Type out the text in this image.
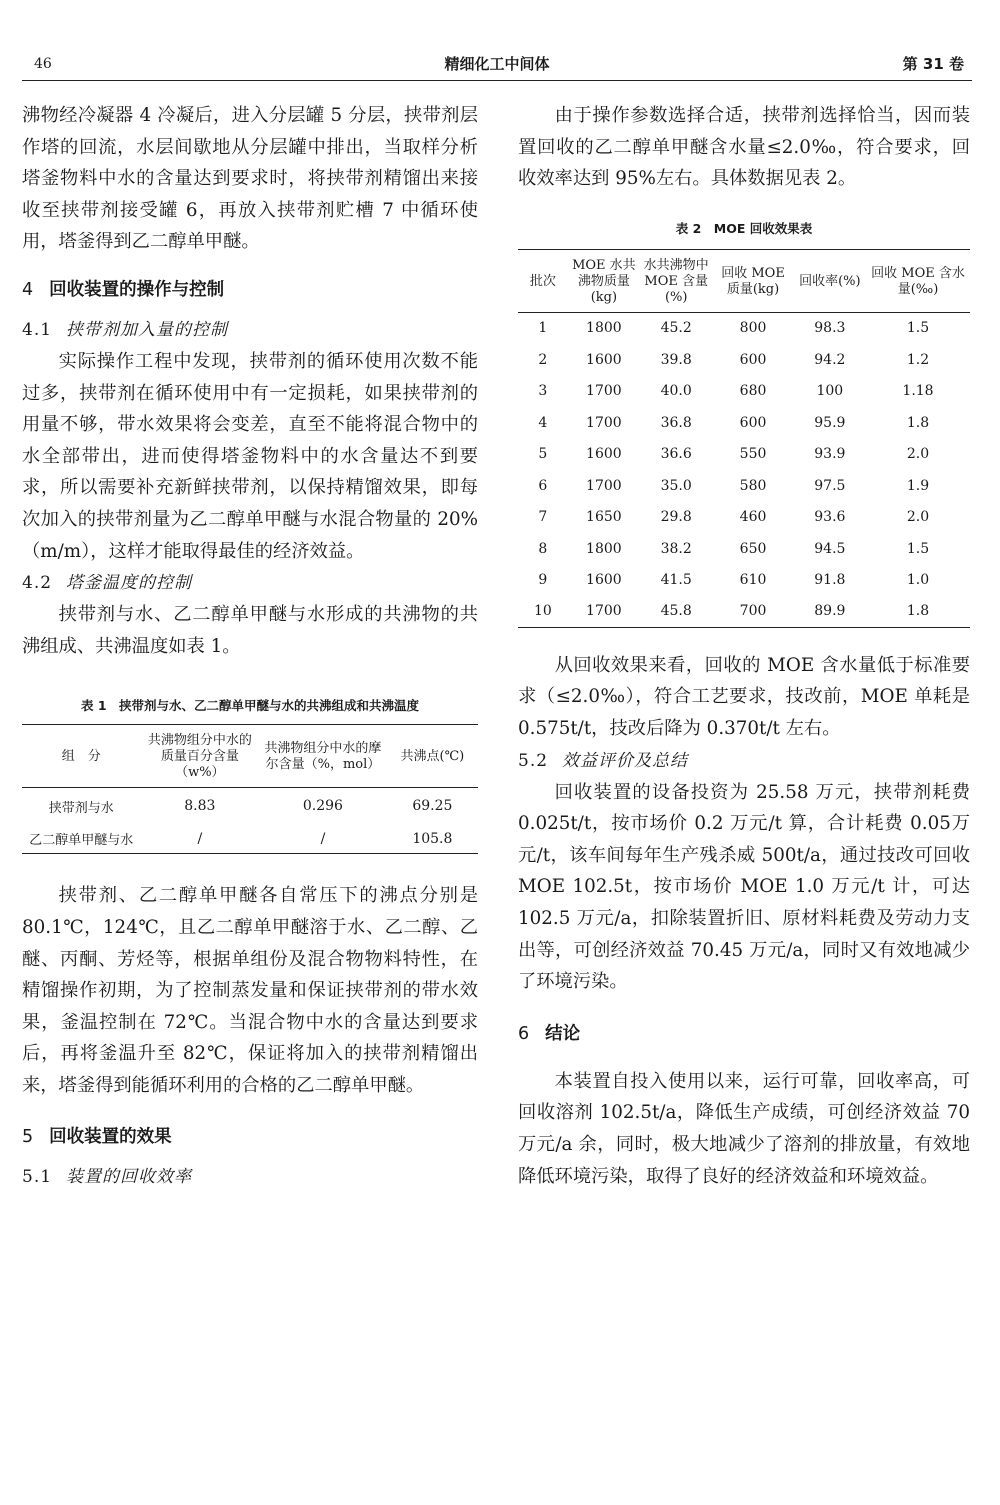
46	精细化工中间体	第 31 卷

沸物经冷凝器 4 冷凝后，进入分层罐 5 分层，挟带剂层作塔的回流，水层间歇地从分层罐中排出，当取样分析塔釜物料中水的含量达到要求时，将挟带剂精馏出来接收至挟带剂接受罐 6，再放入挟带剂贮槽 7 中循环使用，塔釜得到乙二醇单甲醚。

4 回收装置的操作与控制
4.1 挟带剂加入量的控制

实际操作工程中发现，挟带剂的循环使用次数不能过多，挟带剂在循环使用中有一定损耗，如果挟带剂的用量不够，带水效果将会变差，直至不能将混合物中的水全部带出，进而使得塔釜物料中的水含量达不到要求，所以需要补充新鲜挟带剂，以保持精馏效果，即每次加入的挟带剂量为乙二醇单甲醚与水混合物量的 20%（m/m），这样才能取得最佳的经济效益。

4.2 塔釜温度的控制

挟带剂与水、乙二醇单甲醚与水形成的共沸物的共沸组成、共沸温度如表 1。

表 1　挟带剂与水、乙二醇单甲醚与水的共沸组成和共沸温度

组　分	共沸物组分中水的质量百分含量（w%）	共沸物组分中水的摩尔含量（%，mol）	共沸点(℃)
挟带剂与水	8.83	0.296	69.25
乙二醇单甲醚与水	/	/	105.8

挟带剂、乙二醇单甲醚各自常压下的沸点分别是 80.1℃，124℃，且乙二醇单甲醚溶于水、乙二醇、乙醚、丙酮、芳烃等，根据单组份及混合物物料特性，在精馏操作初期，为了控制蒸发量和保证挟带剂的带水效果，釜温控制在 72℃。当混合物中水的含量达到要求后，再将釜温升至 82℃，保证将加入的挟带剂精馏出来，塔釜得到能循环利用的合格的乙二醇单甲醚。

5 回收装置的效果
5.1 装置的回收效率

由于操作参数选择合适，挟带剂选择恰当，因而装置回收的乙二醇单甲醚含水量≤2.0‰，符合要求，回收效率达到 95%左右。具体数据见表 2。

表 2　MOE 回收效果表

批次	MOE 水共沸物质量(kg)	水共沸物中 MOE 含量(%)	回收 MOE 质量(kg)	回收率(%)	回收 MOE 含水量(‰)
1	1800	45.2	800	98.3	1.5
2	1600	39.8	600	94.2	1.2
3	1700	40.0	680	100	1.18
4	1700	36.8	600	95.9	1.8
5	1600	36.6	550	93.9	2.0
6	1700	35.0	580	97.5	1.9
7	1650	29.8	460	93.6	2.0
8	1800	38.2	650	94.5	1.5
9	1600	41.5	610	91.8	1.0
10	1700	45.8	700	89.9	1.8

从回收效果来看，回收的 MOE 含水量低于标准要求（≤2.0‰），符合工艺要求，技改前，MOE 单耗是 0.575t/t，技改后降为 0.370t/t 左右。

5.2 效益评价及总结

回收装置的设备投资为 25.58 万元，挟带剂耗费 0.025t/t，按市场价 0.2 万元/t 算，合计耗费 0.05万元/t，该车间每年生产残杀威 500t/a，通过技改可回收 MOE 102.5t，按市场价 MOE 1.0 万元/t 计，可达 102.5 万元/a，扣除装置折旧、原材料耗费及劳动力支出等，可创经济效益 70.45 万元/a，同时又有效地减少了环境污染。

6 结论

本装置自投入使用以来，运行可靠，回收率高，可回收溶剂 102.5t/a，降低生产成绩，可创经济效益 70 万元/a 余，同时，极大地减少了溶剂的排放量，有效地降低环境污染，取得了良好的经济效益和环境效益。
